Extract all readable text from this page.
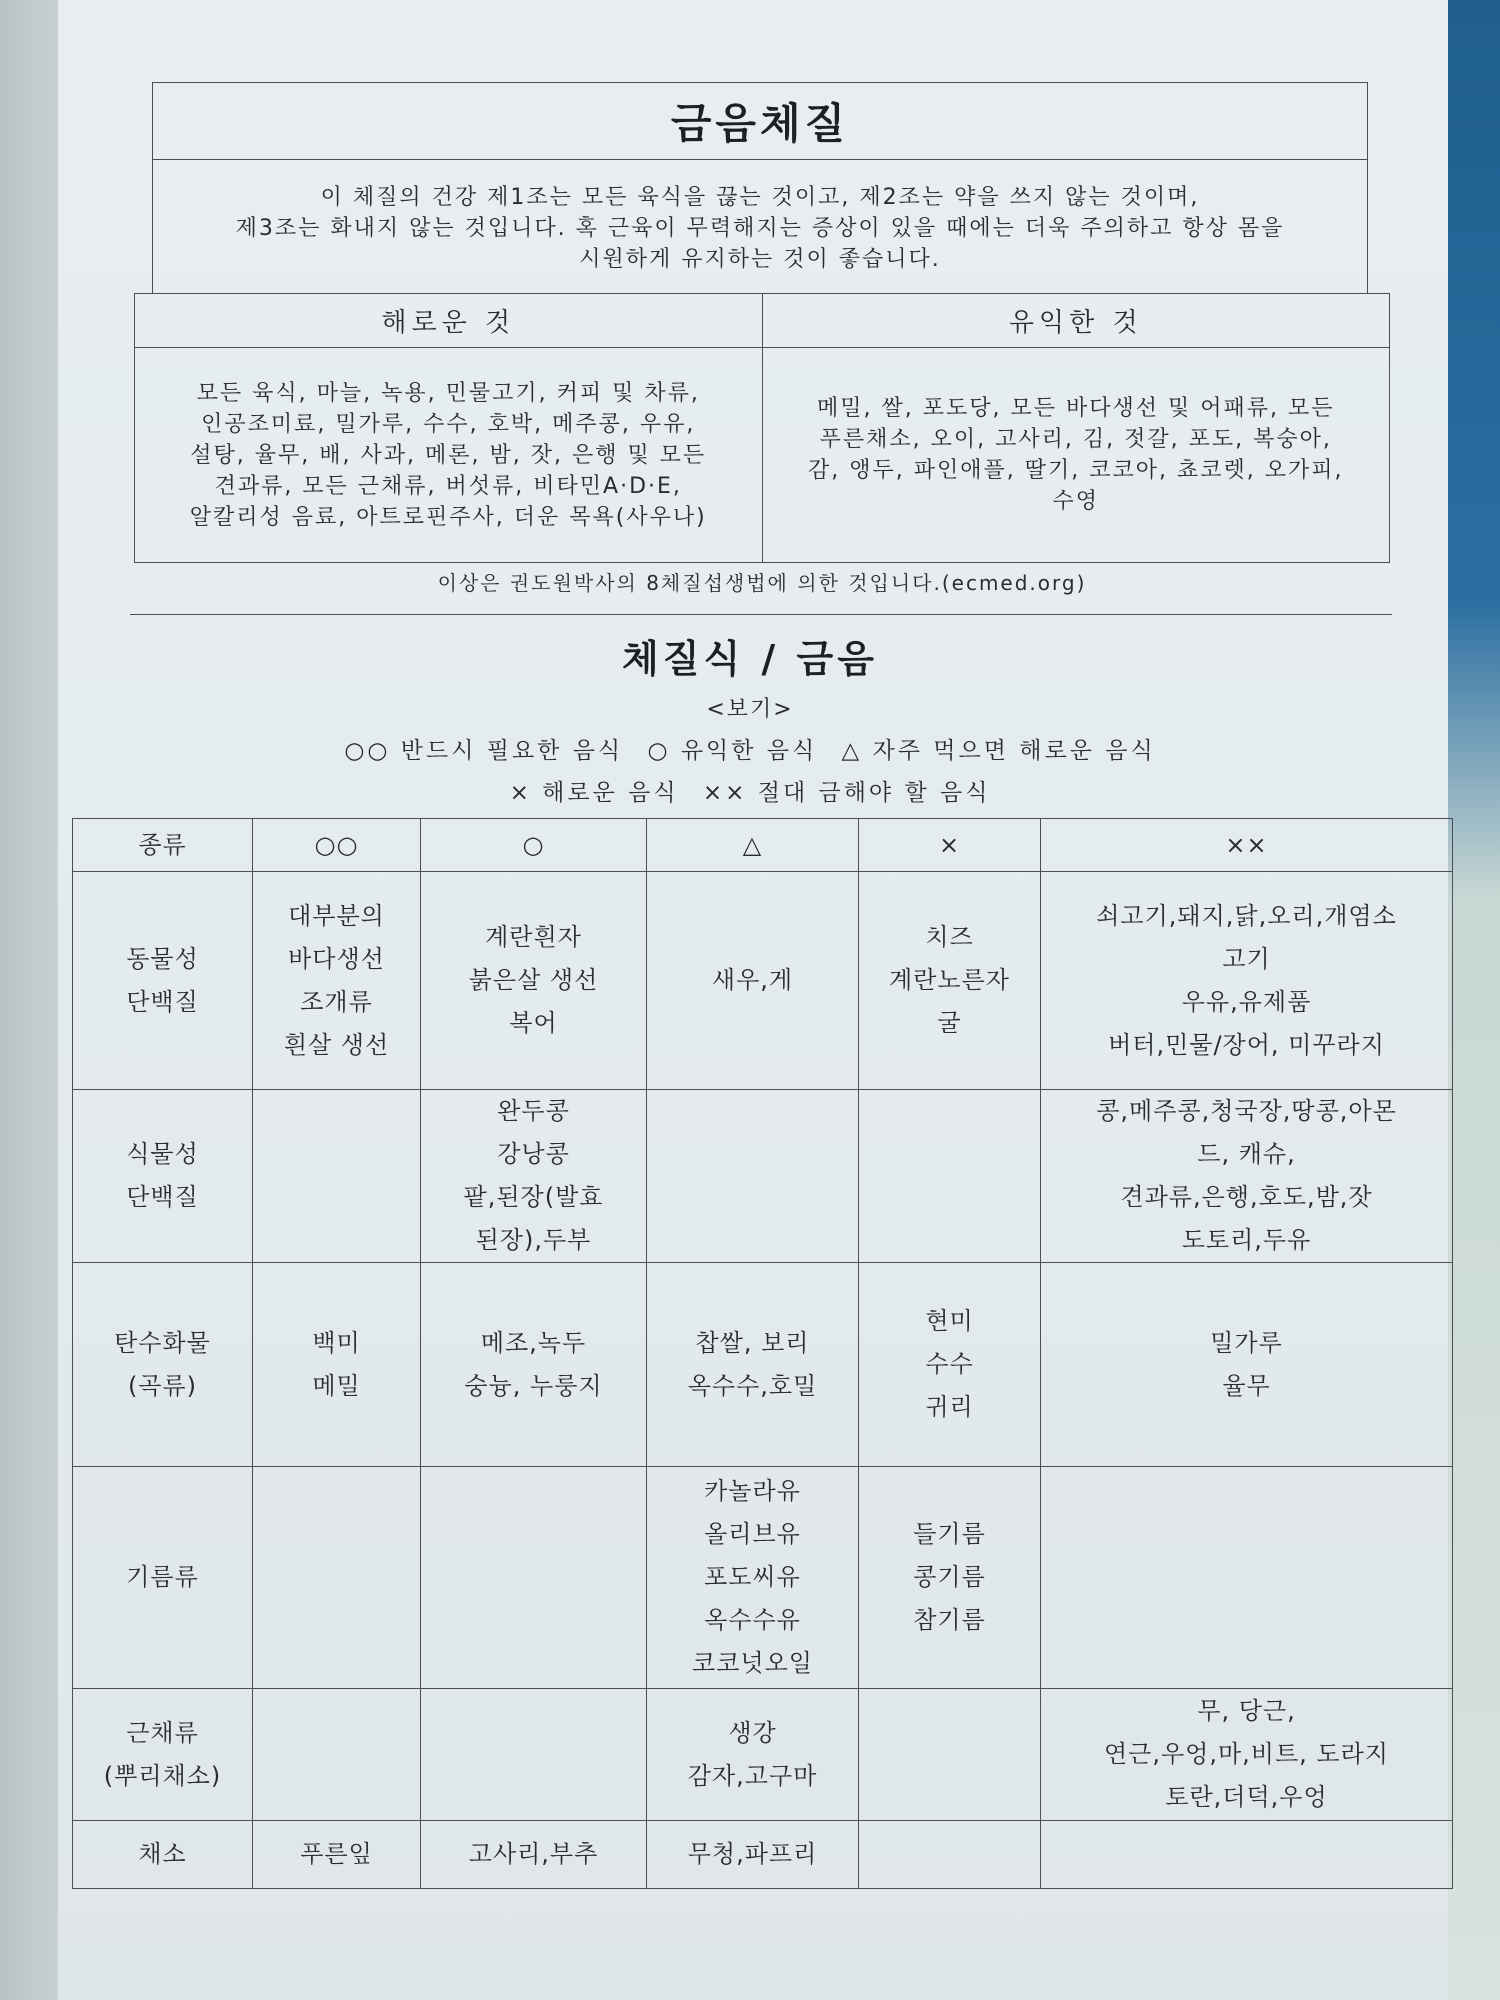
금음체질
이 체질의 건강 제1조는 모든 육식을 끊는 것이고, 제2조는 약을 쓰지 않는 것이며,
제3조는 화내지 않는 것입니다. 혹 근육이 무력해지는 증상이 있을 때에는 더욱 주의하고 항상 몸을
시원하게 유지하는 것이 좋습니다.
해로운 것
모든 육식, 마늘, 녹용, 민물고기, 커피 및 차류,
인공조미료, 밀가루, 수수, 호박, 메주콩, 우유,
설탕, 율무, 배, 사과, 메론, 밤, 잣, 은행 및 모든
견과류, 모든 근채류, 버섯류, 비타민A·D·E,
알칼리성 음료, 아트로핀주사, 더운 목욕(사우나)
유익한 것
메밀, 쌀, 포도당, 모든 바다생선 및 어패류, 모든
푸른채소, 오이, 고사리, 김, 젓갈, 포도, 복숭아,
감, 앵두, 파인애플, 딸기, 코코아, 쵸코렛, 오가피,
수영
이상은 권도원박사의 8체질섭생법에 의한 것입니다.(ecmed.org)
체질식 / 금음
<보기>
○○ 반드시 필요한 음식 ○ 유익한 음식 △ 자주 먹으면 해로운 음식
× 해로운 음식 ×× 절대 금해야 할 음식
종류	○○	○	△	×	××

동물성
단백질	대부분의
바다생선
조개류
흰살 생선	계란흰자
붉은살 생선
복어	새우,게	치즈
계란노른자
굴	쇠고기,돼지,닭,오리,개염소
고기
우유,유제품
버터,민물/장어, 미꾸라지

식물성
단백질		완두콩
강낭콩
팥,된장(발효
된장),두부			콩,메주콩,청국장,땅콩,아몬
드, 캐슈,
견과류,은행,호도,밤,잣
도토리,두유

탄수화물
(곡류)	백미
메밀	메조,녹두
숭늉, 누룽지	찹쌀, 보리
옥수수,호밀	현미
수수
귀리	밀가루
율무

기름류			카놀라유
올리브유
포도씨유
옥수수유
코코넛오일	들기름
콩기름
참기름	

근채류
(뿌리채소)			생강
감자,고구마		무, 당근,
연근,우엉,마,비트, 도라지
토란,더덕,우엉

채소	푸른잎	고사리,부추	무청,파프리		
